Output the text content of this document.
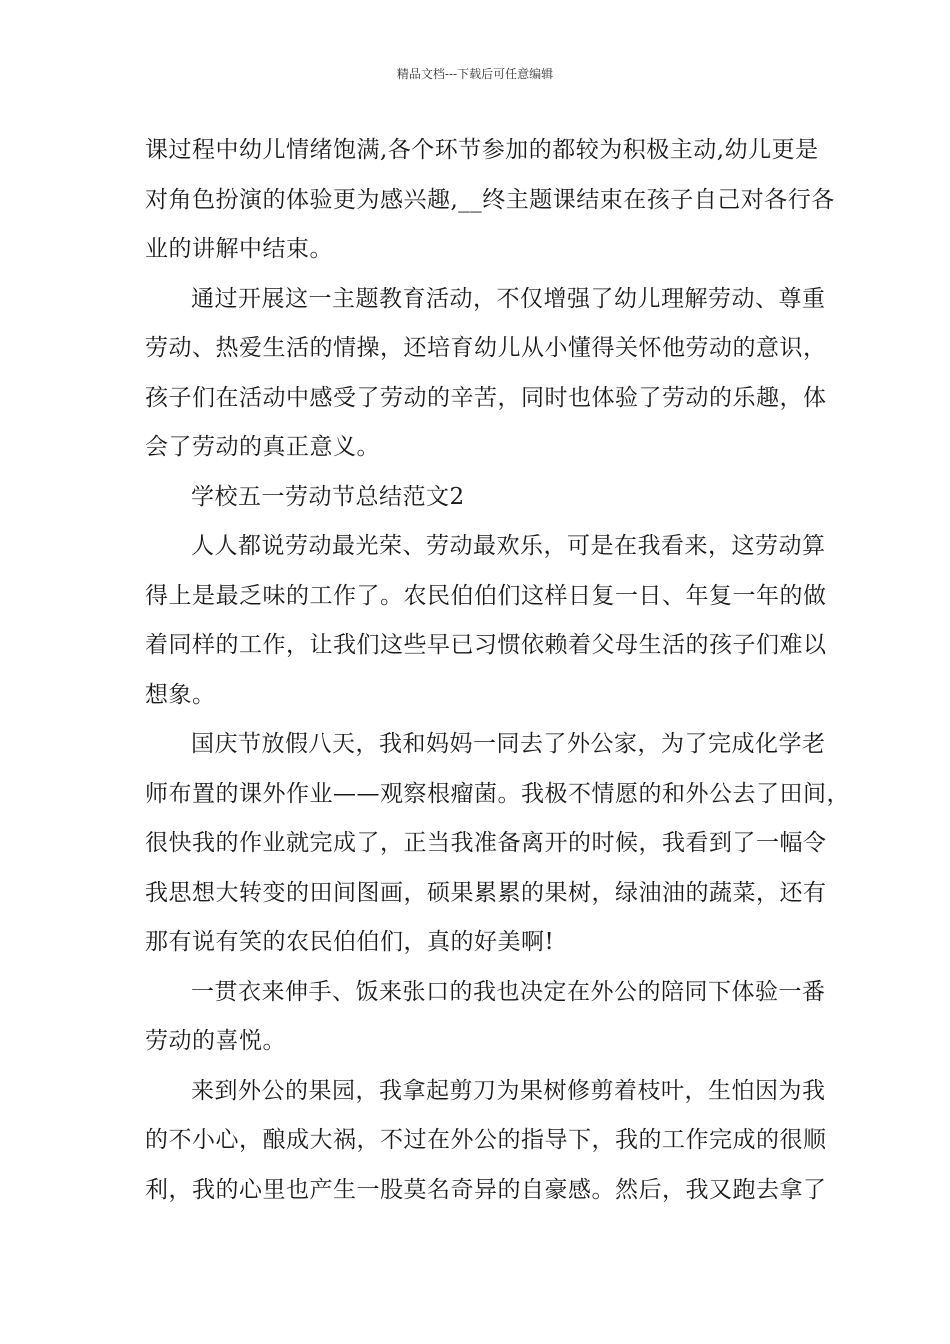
精品文档---下载后可任意编辑
课过程中幼儿情绪饱满,各个环节参加的都较为积极主动,幼儿更是
对角色扮演的体验更为感兴趣,__终主题课结束在孩子自己对各行各
业的讲解中结束。
通过开展这一主题教育活动，不仅增强了幼儿理解劳动、尊重
劳动、热爱生活的情操，还培育幼儿从小懂得关怀他劳动的意识，
孩子们在活动中感受了劳动的辛苦，同时也体验了劳动的乐趣，体
会了劳动的真正意义。
学校五一劳动节总结范文2
人人都说劳动最光荣、劳动最欢乐，可是在我看来，这劳动算
得上是最乏味的工作了。农民伯伯们这样日复一日、年复一年的做
着同样的工作，让我们这些早已习惯依赖着父母生活的孩子们难以
想象。
国庆节放假八天，我和妈妈一同去了外公家，为了完成化学老
师布置的课外作业——观察根瘤菌。我极不情愿的和外公去了田间，
很快我的作业就完成了，正当我准备离开的时候，我看到了一幅令
我思想大转变的田间图画，硕果累累的果树，绿油油的蔬菜，还有
那有说有笑的农民伯伯们，真的好美啊!
一贯衣来伸手、饭来张口的我也决定在外公的陪同下体验一番
劳动的喜悦。
来到外公的果园，我拿起剪刀为果树修剪着枝叶，生怕因为我
的不小心，酿成大祸，不过在外公的指导下，我的工作完成的很顺
利，我的心里也产生一股莫名奇异的自豪感。然后，我又跑去拿了
